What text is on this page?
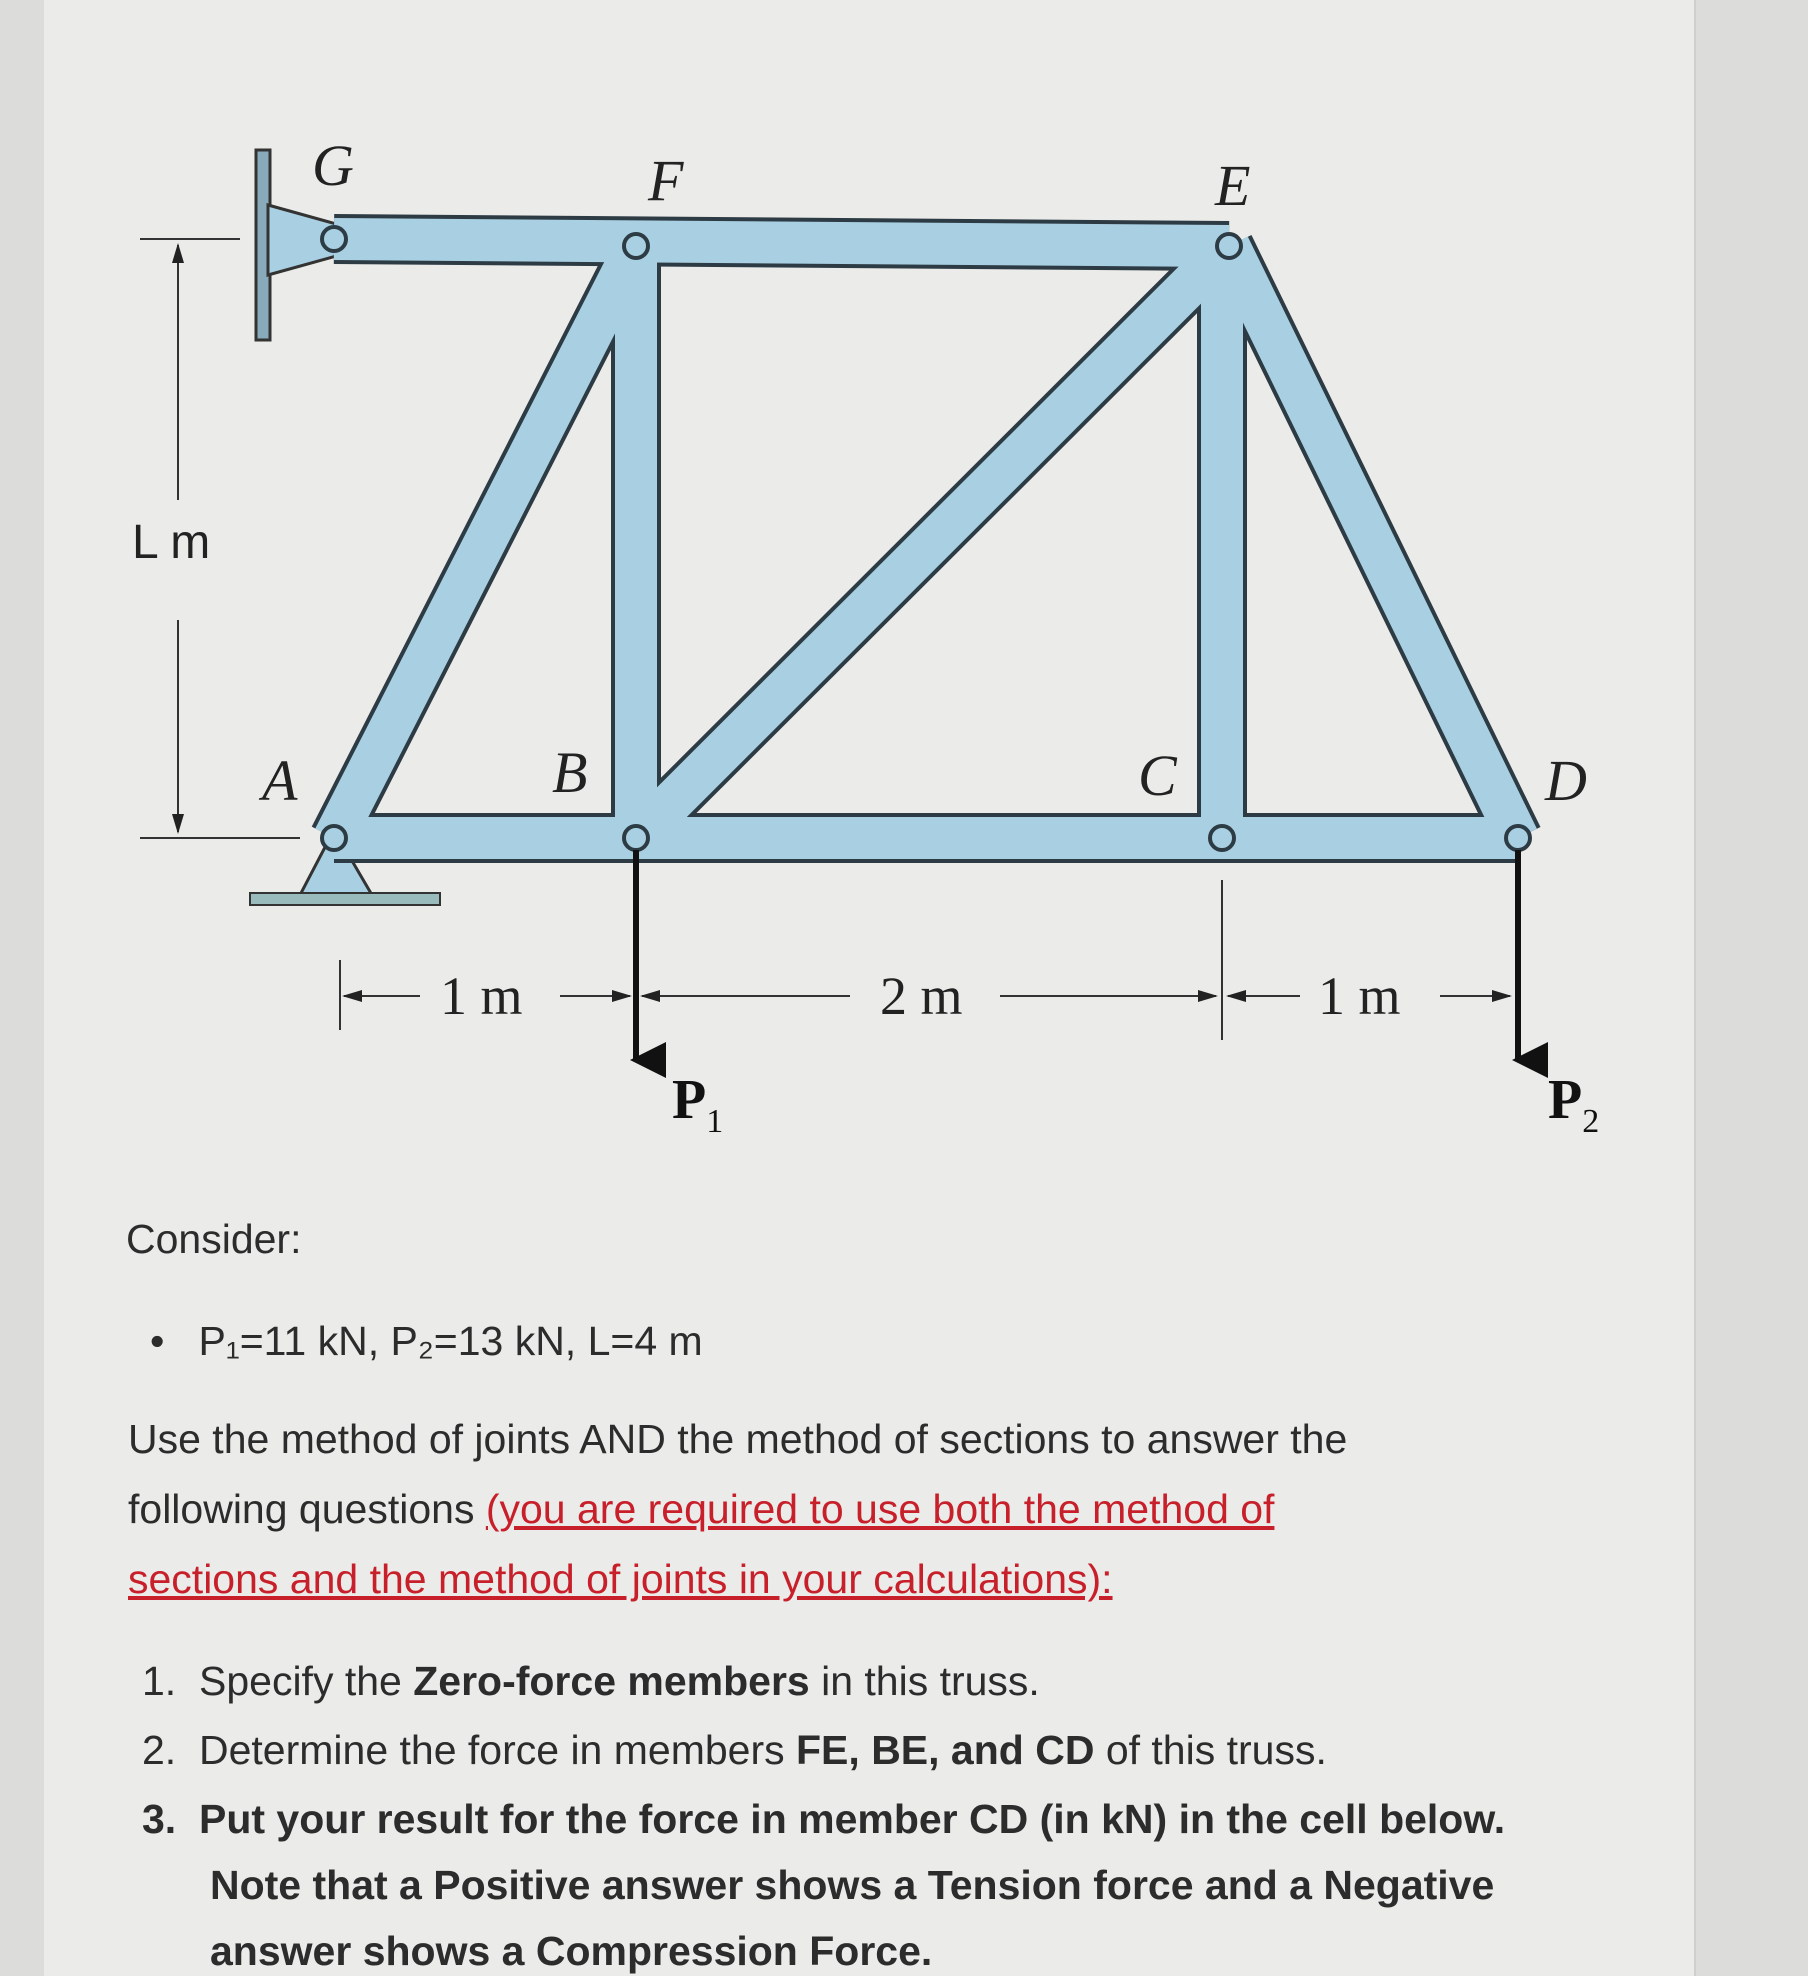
G	F	E
A	B	C	D
L m
1 m	2 m	1 m
$P_1$	$P_2$
Consider:
•   P₁=11 kN, P₂=13 kN, L=4 m
Use the method of joints AND the method of sections to answer the
following questions (you are required to use both the method of
sections and the method of joints in your calculations):
1. Specify the Zero-force members in this truss.
2. Determine the force in members FE, BE, and CD of this truss.
3. Put your result for the force in member CD (in kN) in the cell below.
Note that a Positive answer shows a Tension force and a Negative
answer shows a Compression Force.
